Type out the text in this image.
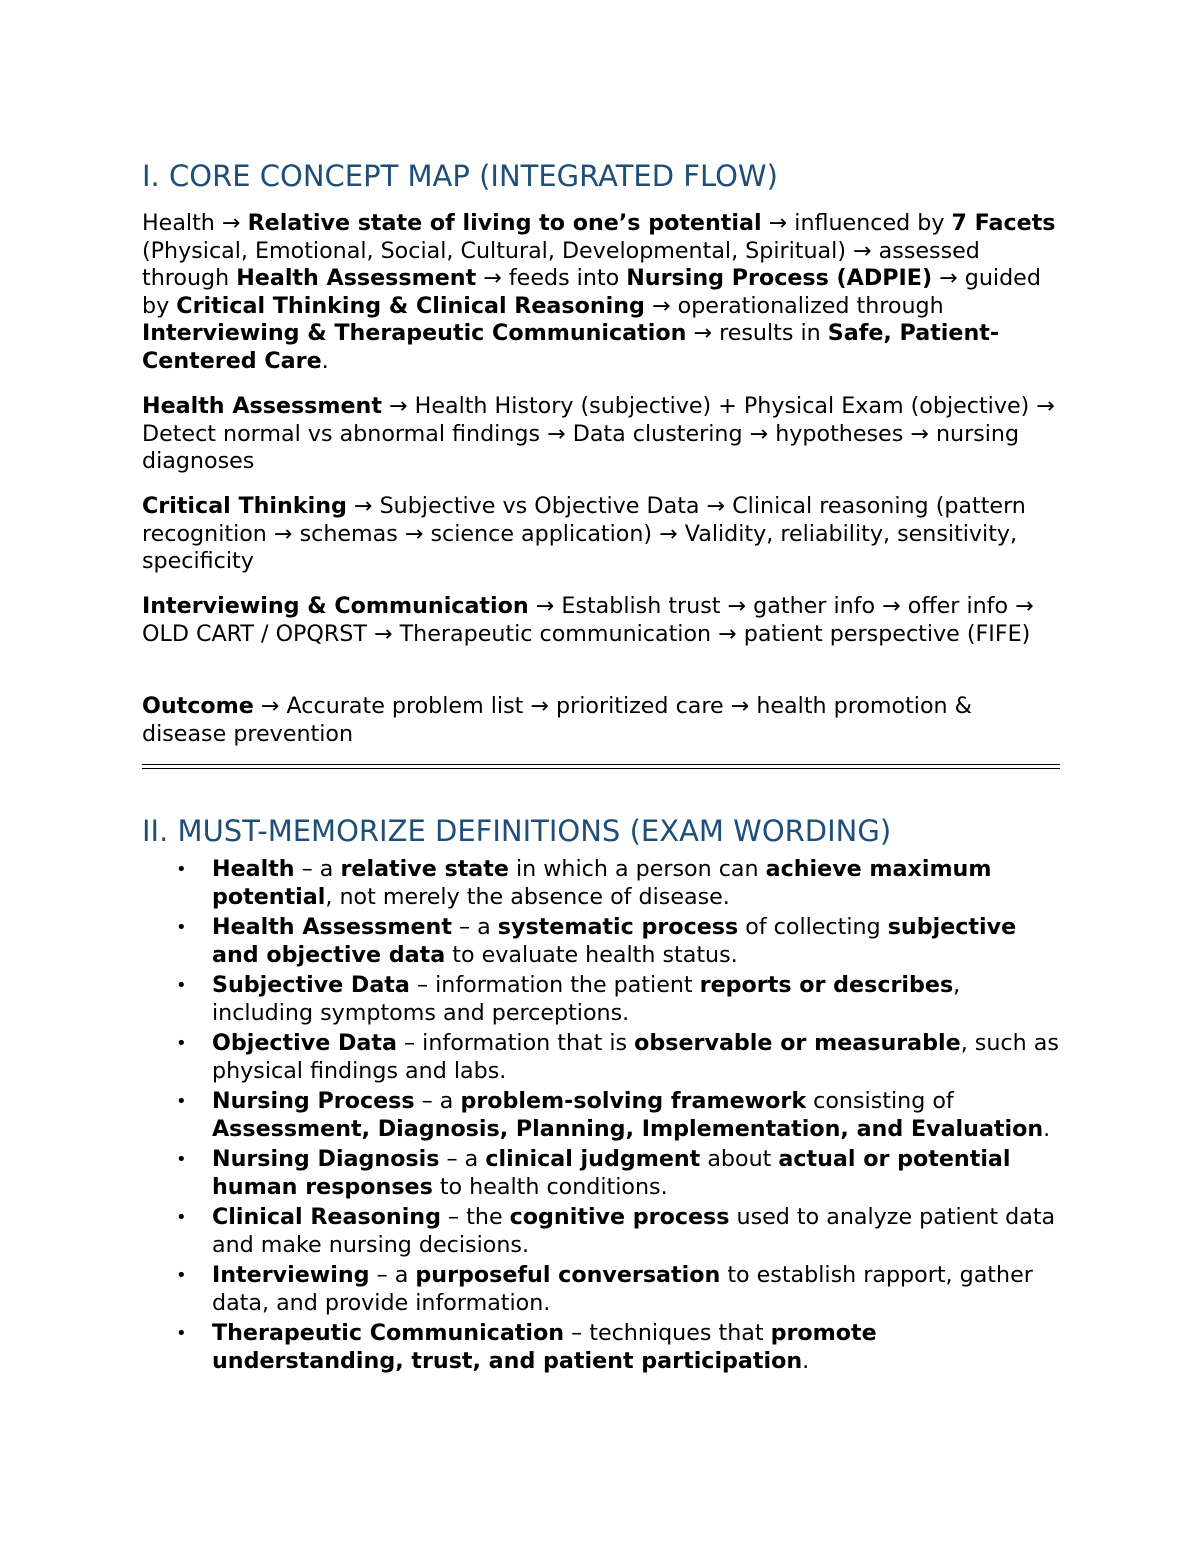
I. CORE CONCEPT MAP (INTEGRATED FLOW)

Health → Relative state of living to one’s potential → influenced by 7 Facets (Physical, Emotional, Social, Cultural, Developmental, Spiritual) → assessed through Health Assessment → feeds into Nursing Process (ADPIE) → guided by Critical Thinking & Clinical Reasoning → operationalized through Interviewing & Therapeutic Communication → results in Safe, Patient-Centered Care.

Health Assessment → Health History (subjective) + Physical Exam (objective) → Detect normal vs abnormal findings → Data clustering → hypotheses → nursing diagnoses

Critical Thinking → Subjective vs Objective Data → Clinical reasoning (pattern recognition → schemas → science application) → Validity, reliability, sensitivity, specificity

Interviewing & Communication → Establish trust → gather info → offer info → OLD CART / OPQRST → Therapeutic communication → patient perspective (FIFE)

Outcome → Accurate problem list → prioritized care → health promotion & disease prevention

II. MUST-MEMORIZE DEFINITIONS (EXAM WORDING)
• Health – a relative state in which a person can achieve maximum potential, not merely the absence of disease.
• Health Assessment – a systematic process of collecting subjective and objective data to evaluate health status.
• Subjective Data – information the patient reports or describes, including symptoms and perceptions.
• Objective Data – information that is observable or measurable, such as physical findings and labs.
• Nursing Process – a problem-solving framework consisting of Assessment, Diagnosis, Planning, Implementation, and Evaluation.
• Nursing Diagnosis – a clinical judgment about actual or potential human responses to health conditions.
• Clinical Reasoning – the cognitive process used to analyze patient data and make nursing decisions.
• Interviewing – a purposeful conversation to establish rapport, gather data, and provide information.
• Therapeutic Communication – techniques that promote understanding, trust, and patient participation.
